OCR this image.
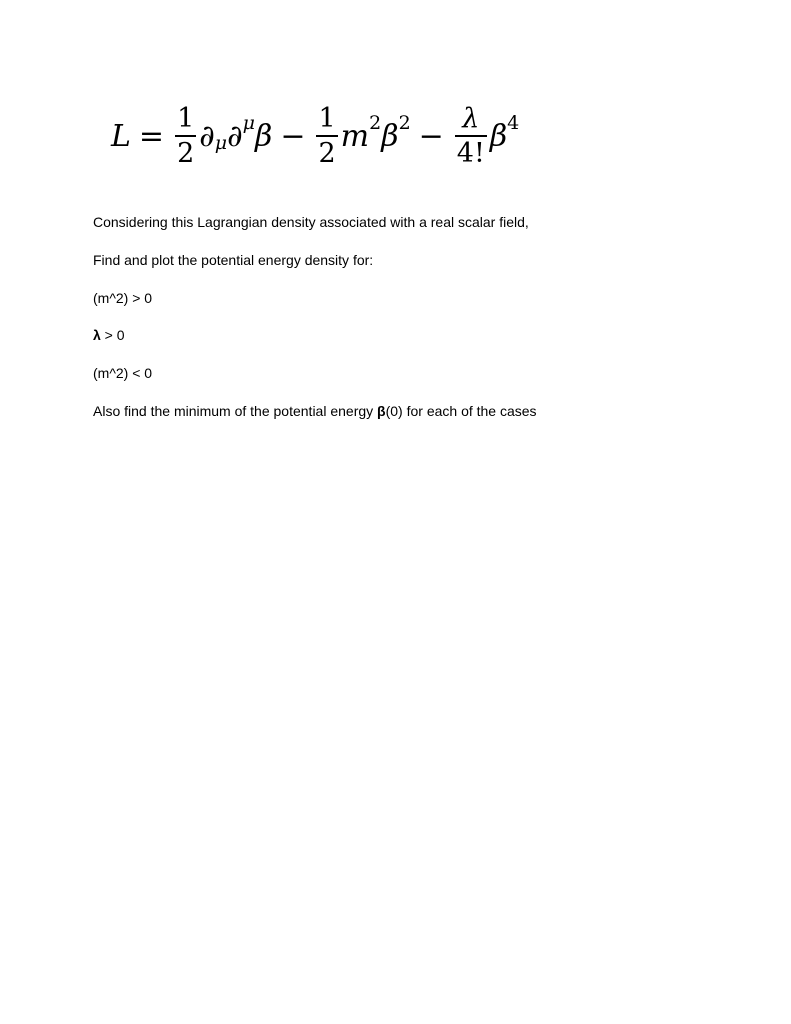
$L = \frac{1}{2}$ ∂ μ ∂ μ $\beta - \frac{1}{2}$ m 2 β $2 - \frac{\lambda}{4!}$ β 4
Considering this Lagrangian density associated with a real scalar field,
Find and plot the potential energy density for:
(m^2) > 0
λ > 0
(m^2) < 0
Also find the minimum of the potential energy β(0) for each of the cases
